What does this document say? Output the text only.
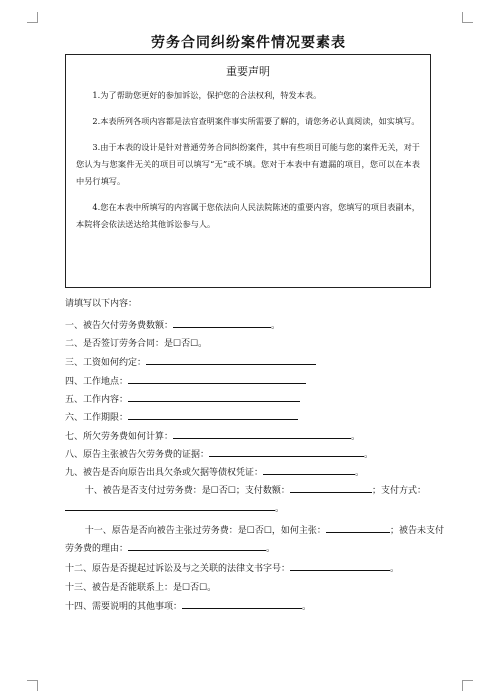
劳务合同纠纷案件情况要素表
重要声明

1.为了帮助您更好的参加诉讼，保护您的合法权利，特发本表。

2.本表所列各项内容都是法官查明案件事实所需要了解的，请您务必认真阅读，如实填写。

3.由于本表的设计是针对普通劳务合同纠纷案件，其中有些项目可能与您的案件无关，对于您认为与您案件无关的项目可以填写“无”或不填。您对于本表中有遗漏的项目，您可以在本表中另行填写。

4.您在本表中所填写的内容属于您依法向人民法院陈述的重要内容，您填写的项目表副本，本院将会依法送达给其他诉讼参与人。

请填写以下内容：
一、被告欠付劳务费数额：	。
二、是否签订劳务合同：是☐否☐。
三、工资如何约定：
四、工作地点：
五、工作内容：
六、工作期限：
七、所欠劳务费如何计算：	。
八、原告主张被告欠劳务费的证据：	。
九、被告是否向原告出具欠条或欠据等债权凭证：	。
十、被告是否支付过劳务费：是☐否☐；支付数额：	；支付方式：。
十一、原告是否向被告主张过劳务费：是☐否☐，如何主张：	；被告未支付劳务费的理由：	。
十二、原告是否提起过诉讼及与之关联的法律文书字号：	。
十三、被告是否能联系上：是☐否☐。
十四、需要说明的其他事项：	。
